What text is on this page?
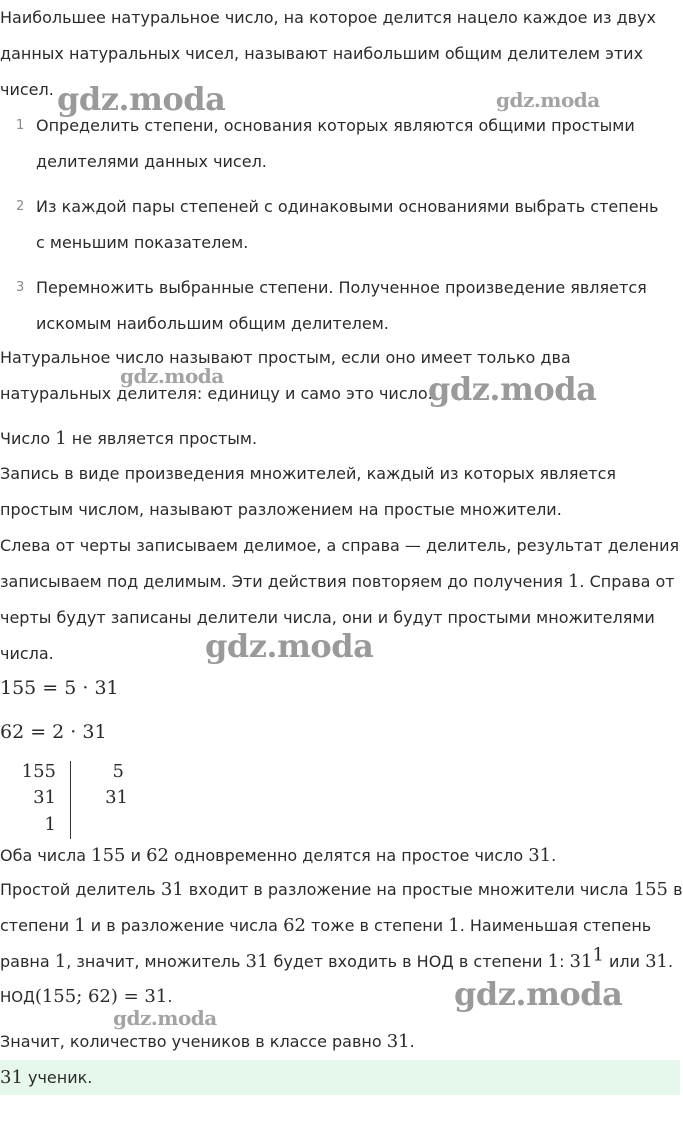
Наибольшее натуральное число, на которое делится нацело каждое из двух

данных натуральных чисел, называют наибольшим общим делителем этих

чисел.

1 Определить степени, основания которых являются общими простыми
делителями данных чисел.
2 Из каждой пары степеней с одинаковыми основаниями выбрать степень
с меньшим показателем.
3 Перемножить выбранные степени. Полученное произведение является
искомым наибольшим общим делителем.

Натуральное число называют простым, если оно имеет только два

натуральных делителя: единицу и само это число.

Число 1 не является простым.

Запись в виде произведения множителей, каждый из которых является

простым числом, называют разложением на простые множители.

Слева от черты записываем делимое, а справа — делитель, результат деления

записываем под делимым. Эти действия повторяем до получения 1. Справа от

черты будут записаны делители числа, они и будут простыми множителями

числа.

155 = 5 · 31
62 = 2 · 31
155
31
1
5
31

Оба числа 155 и 62 одновременно делятся на простое число 31.

Простой делитель 31 входит в разложение на простые множители числа 155 в

степени 1 и в разложение числа 62 тоже в степени 1. Наименьшая степень

равна 1, значит, множитель 31 будет входить в НОД в степени 1: $31^1$ или 31.

НОД(155; 62) = 31.

Значит, количество учеников в классе равно 31.

31 ученик.
gdz.moda	gdz.moda
gdz.moda	gdz.moda
gdz.moda
gdz.moda
gdz.moda
